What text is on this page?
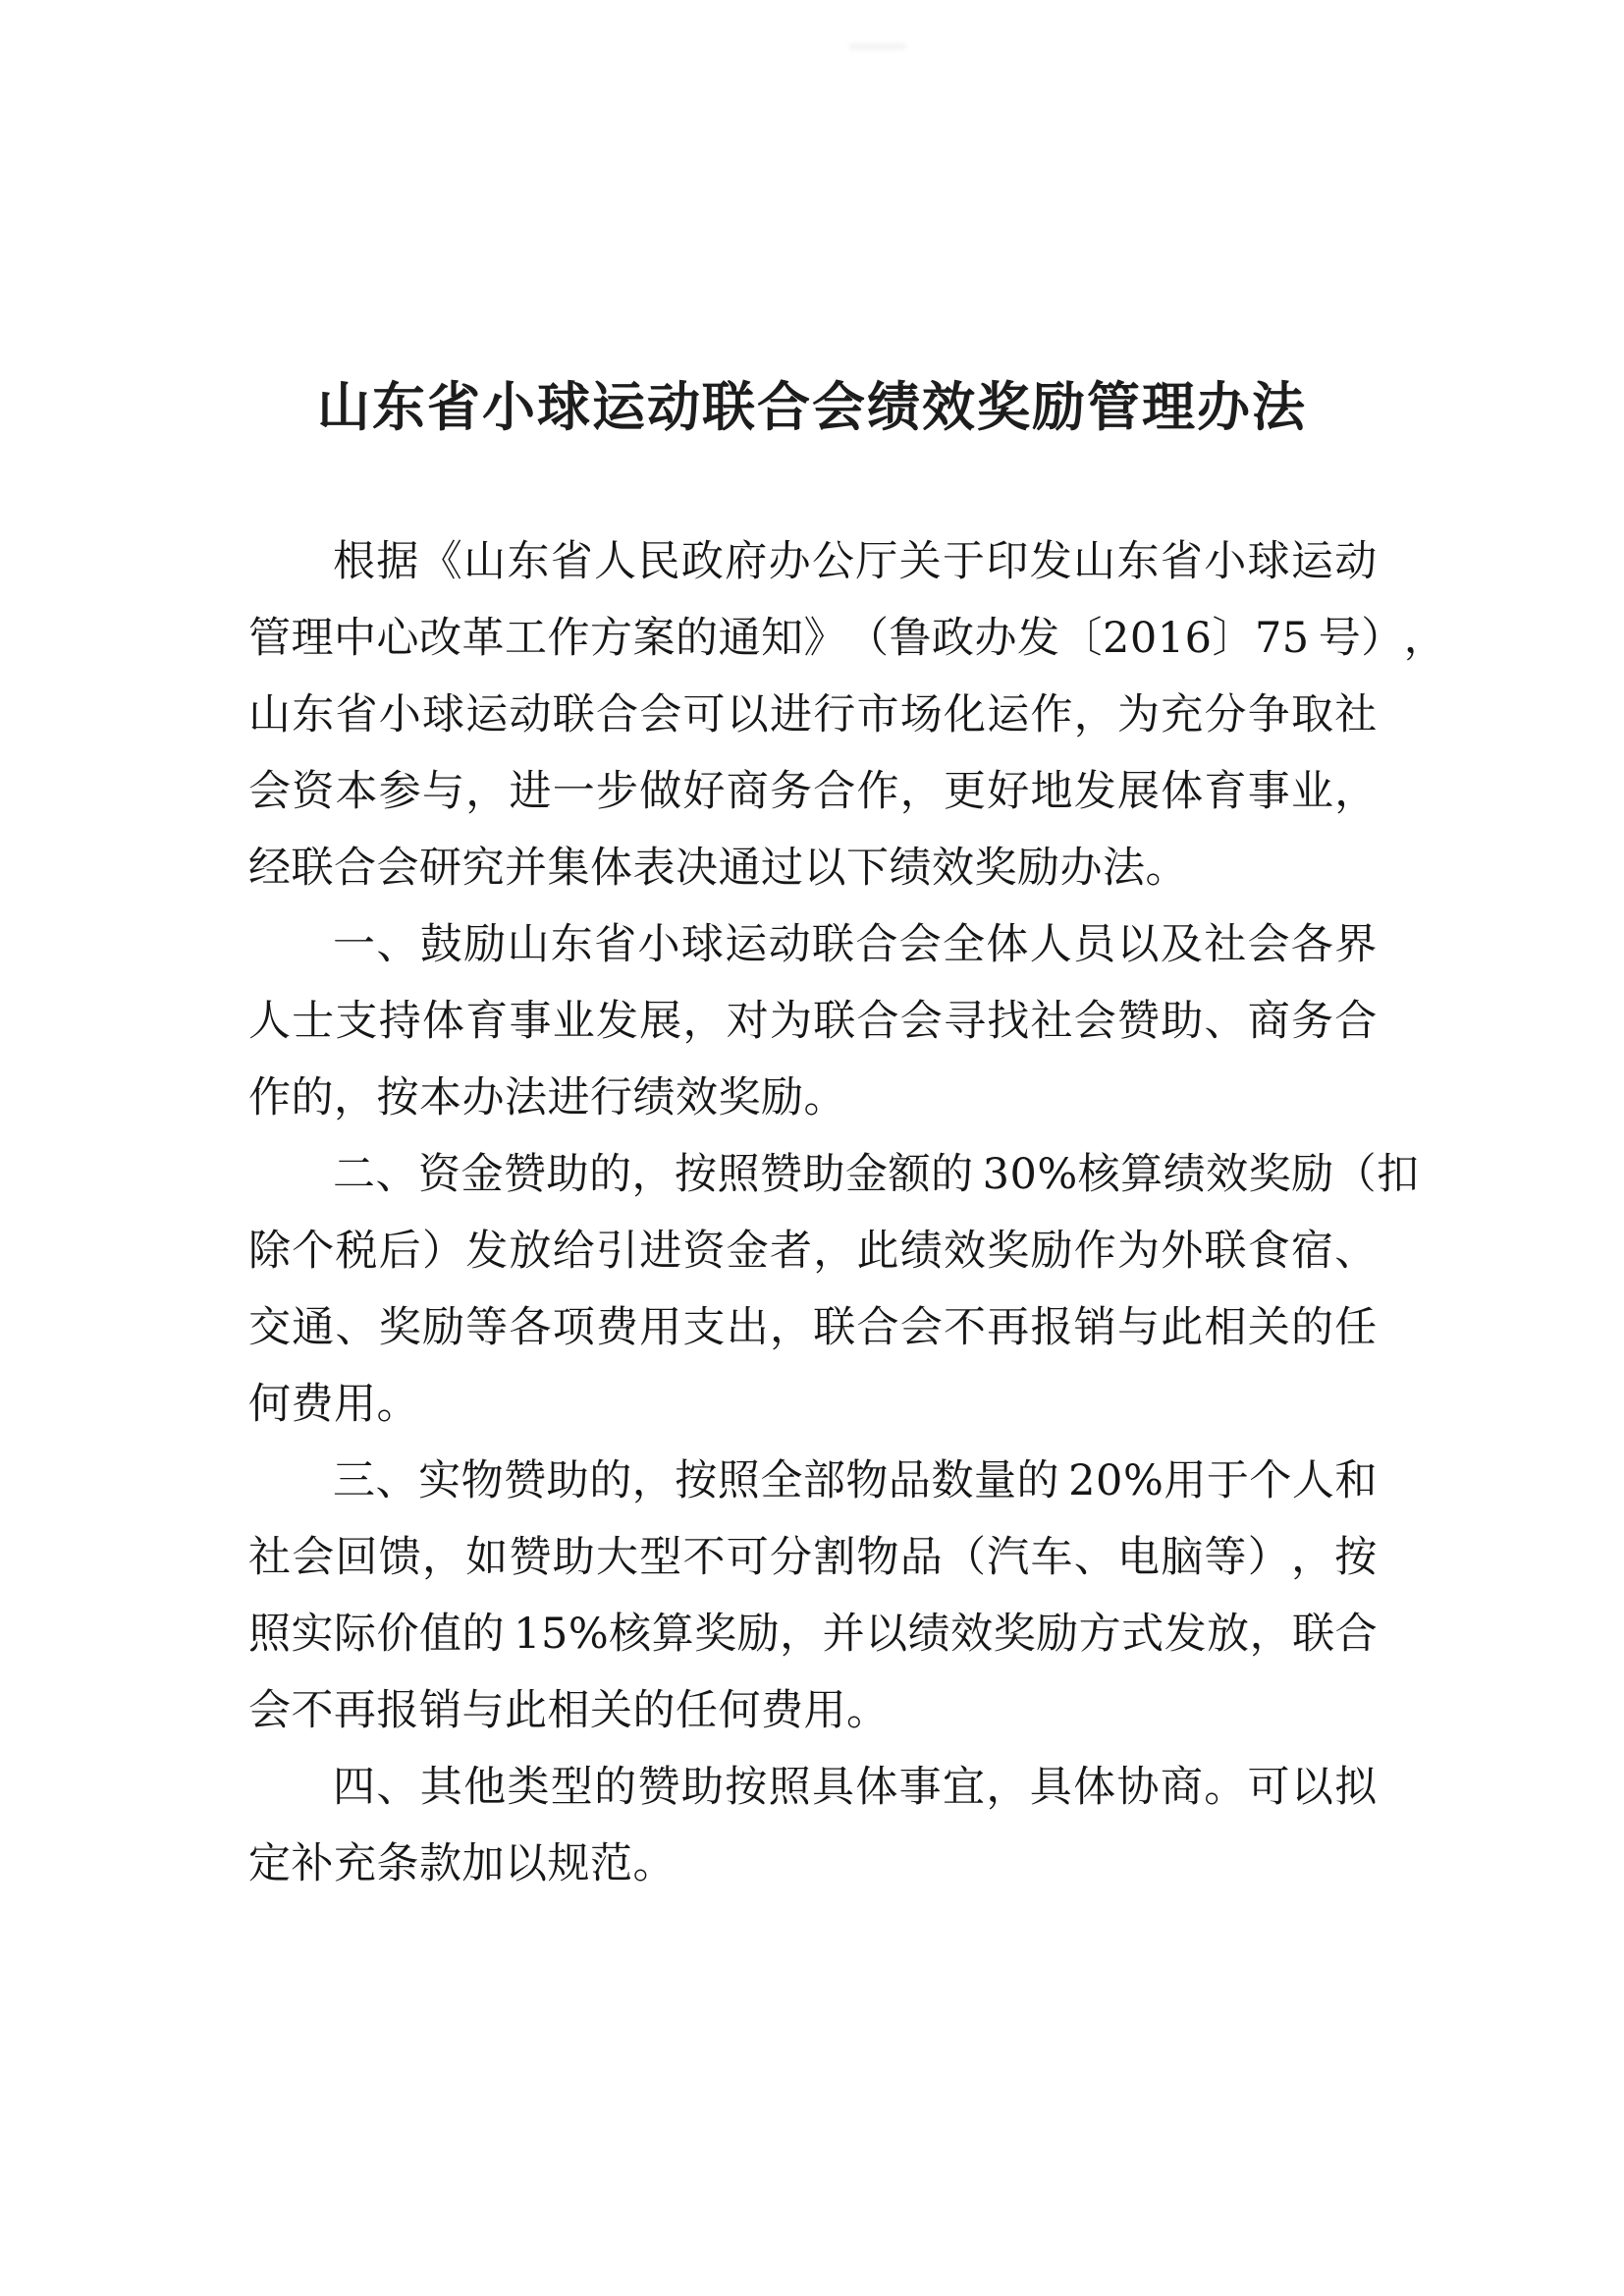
山东省小球运动联合会绩效奖励管理办法
根 据 《 山 东 省 人 民 政 府 办 公 厅 关 于 印 发 山 东 省 小 球 运 动
管 理 中 心 改 革 工 作 方 案 的 通 知 》 （ 鲁 政 办 发 〔 2 0 1 6 〕 7 5
  号 ） ，
山 东 省 小 球 运 动 联 合 会 可 以 进 行 市 场 化 运 作 ， 为 充 分 争 取 社
会 资 本 参 与 ， 进 一 步 做 好 商 务 合 作 ， 更 好 地 发 展 体 育 事 业 ，
经联合会研究并集体表决通过以下绩效奖励办法。
一 、 鼓 励 山 东 省 小 球 运 动 联 合 会 全 体 人 员 以 及 社 会 各 界
人 士 支 持 体 育 事 业 发 展 ， 对 为 联 合 会 寻 找 社 会 赞 助 、 商 务 合
作的，按本办法进行绩效奖励。
二 、 资 金 赞 助 的 ， 按 照 赞 助 金 额 的
  3 0 % 核 算 绩 效 奖 励 （ 扣
除 个 税 后 ） 发 放 给 引 进 资 金 者 ， 此 绩 效 奖 励 作 为 外 联 食 宿 、
交 通 、 奖 励 等 各 项 费 用 支 出 ， 联 合 会 不 再 报 销 与 此 相 关 的 任
何费用。
三 、 实 物 赞 助 的 ， 按 照 全 部 物 品 数 量 的
  2 0 % 用 于 个 人 和
社 会 回 馈 ， 如 赞 助 大 型 不 可 分 割 物 品 （ 汽 车 、 电 脑 等 ） ， 按
照 实 际 价 值 的
  1 5 % 核 算 奖 励 ， 并 以 绩 效 奖 励 方 式 发 放 ， 联 合
会不再报销与此相关的任何费用。
四 、 其 他 类 型 的 赞 助 按 照 具 体 事 宜 ， 具 体 协 商 。 可 以 拟
定补充条款加以规范。
